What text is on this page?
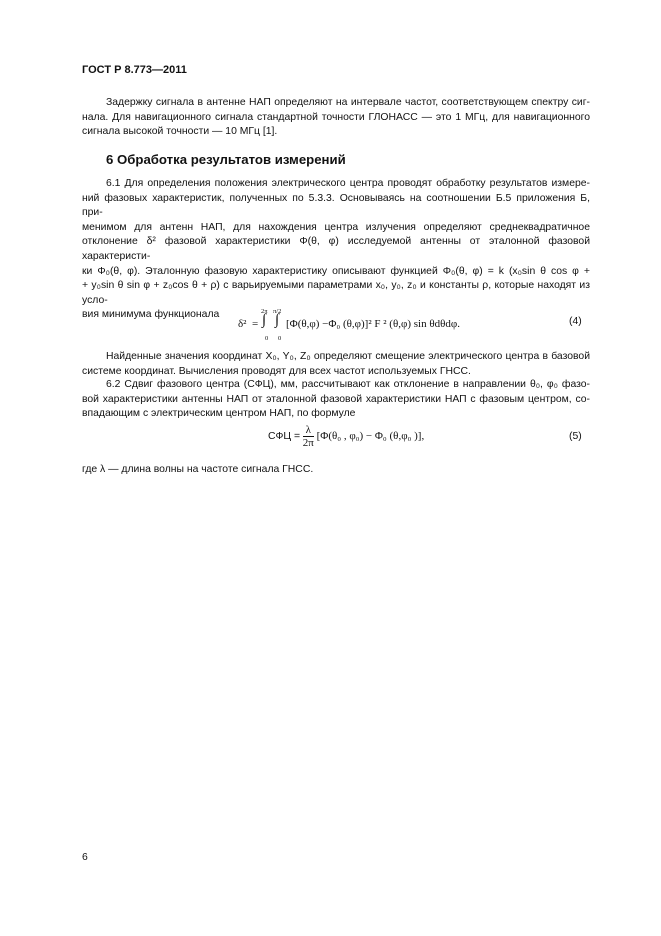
ГОСТ Р 8.773—2011
Задержку сигнала в антенне НАП определяют на интервале частот, соответствующем спектру сиг-
нала. Для навигационного сигнала стандартной точности ГЛОНАСС — это 1 МГц, для навигационного
сигнала высокой точности — 10 МГц [1].
6 Обработка результатов измерений
6.1 Для определения положения электрического центра проводят обработку результатов измере-
ний фазовых характеристик, полученных по 5.3.3. Основываясь на соотношении Б.5 приложения Б, при-
менимом для антенн НАП, для нахождения центра излучения определяют среднеквадратичное
отклонение δ² фазовой характеристики Φ(θ, φ) исследуемой антенны от эталонной фазовой характеристи-
ки Φ₀(θ, φ). Эталонную фазовую характеристику описывают функцией Φ₀(θ, φ) = k (x₀sin θ cos φ +
+ y₀sin θ sin φ + z₀cos θ + ρ) с варьируемыми параметрами x₀, y₀, z₀ и константы ρ, которые находят из усло-
вия минимума функционала
δ² = ∫
2π
0
∫
π/2
0
[Φ(θ,φ) −Φ₀ (θ,φ)]² F ² (θ,φ) sin θdθdφ.	(4)
Найденные значения координат X₀, Y₀, Z₀ определяют смещение электрического центра в базовой
системе координат. Вычисления проводят для всех частот используемых ГНСС.
6.2 Сдвиг фазового центра (СФЦ), мм, рассчитывают как отклонение в направлении θ₀, φ₀ фазо-
вой характеристики антенны НАП от эталонной фазовой характеристики НАП с фазовым центром, со-
впадающим с электрическим центром НАП, по формуле
СФЦ = $\frac{\lambda}{2\pi} [\Phi(\theta_0$ , φ₀) − Φ₀ (θ,φ₀ )],	(5)
где λ — длина волны на частоте сигнала ГНСС.
6
